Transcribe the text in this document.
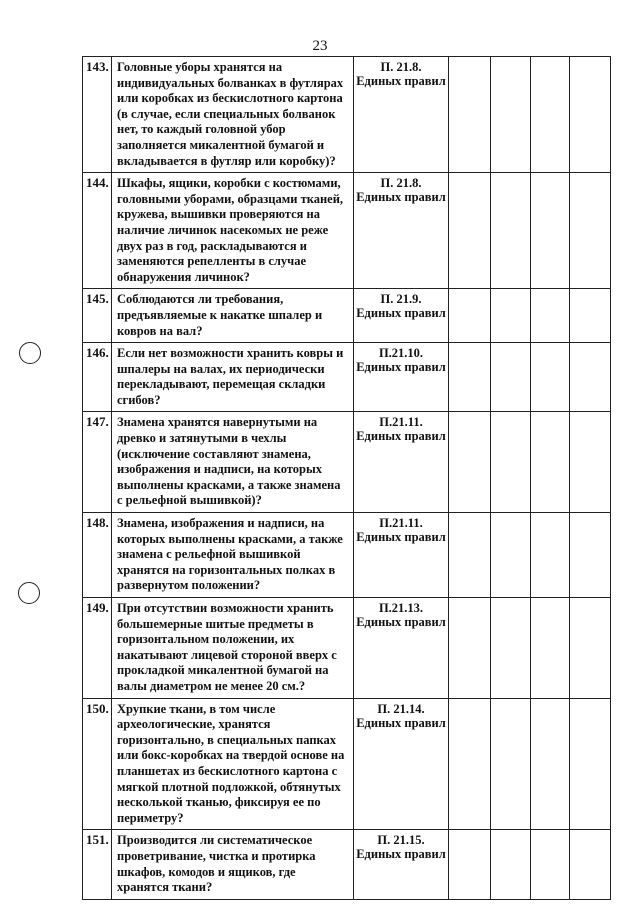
23
143.	Головные уборы хранятся на индивидуальных болванках в футлярах или коробках из бескислотного картона (в случае, если специальных болванок нет, то каждый головной убор заполняется микалентной бумагой и вкладывается в футляр или коробку)?	П. 21.8.
Единых правил				

144.	Шкафы, ящики, коробки с костюмами, головными уборами, образцами тканей, кружева, вышивки проверяются на наличие личинок насекомых не реже двух раз в год, раскладываются и заменяются репелленты в случае обнаружения личинок?	П. 21.8.
Единых правил				

145.	Соблюдаются ли требования, предъявляемые к накатке шпалер и ковров на вал?	П. 21.9.
Единых правил				

146.	Если нет возможности хранить ковры и шпалеры на валах, их периодически перекладывают, перемещая складки сгибов?	П.21.10.
Единых правил				

147.	Знамена хранятся навернутыми на древко и затянутыми в чехлы (исключение составляют знамена, изображения и надписи, на которых выполнены красками, а также знамена с рельефной вышивкой)?	П.21.11.
Единых правил				

148.	Знамена, изображения и надписи, на которых выполнены красками, а также знамена с рельефной вышивкой хранятся на горизонтальных полках в развернутом положении?	П.21.11.
Единых правил				

149.	При отсутствии возможности хранить большемерные шитые предметы в горизонтальном положении, их накатывают лицевой стороной вверх с прокладкой микалентной бумагой на валы диаметром не менее 20 см.?	П.21.13.
Единых правил				

150.	Хрупкие ткани, в том числе археологические, хранятся горизонтально, в специальных папках или бокс-коробках на твердой основе на планшетах из бескислотного картона с мягкой плотной подложкой, обтянутых несколькой тканью, фиксируя ее по периметру?	П. 21.14.
Единых правил				

151.	Производится ли систематическое проветривание, чистка и протирка шкафов, комодов и ящиков, где хранятся ткани?	П. 21.15.
Единых правил				
